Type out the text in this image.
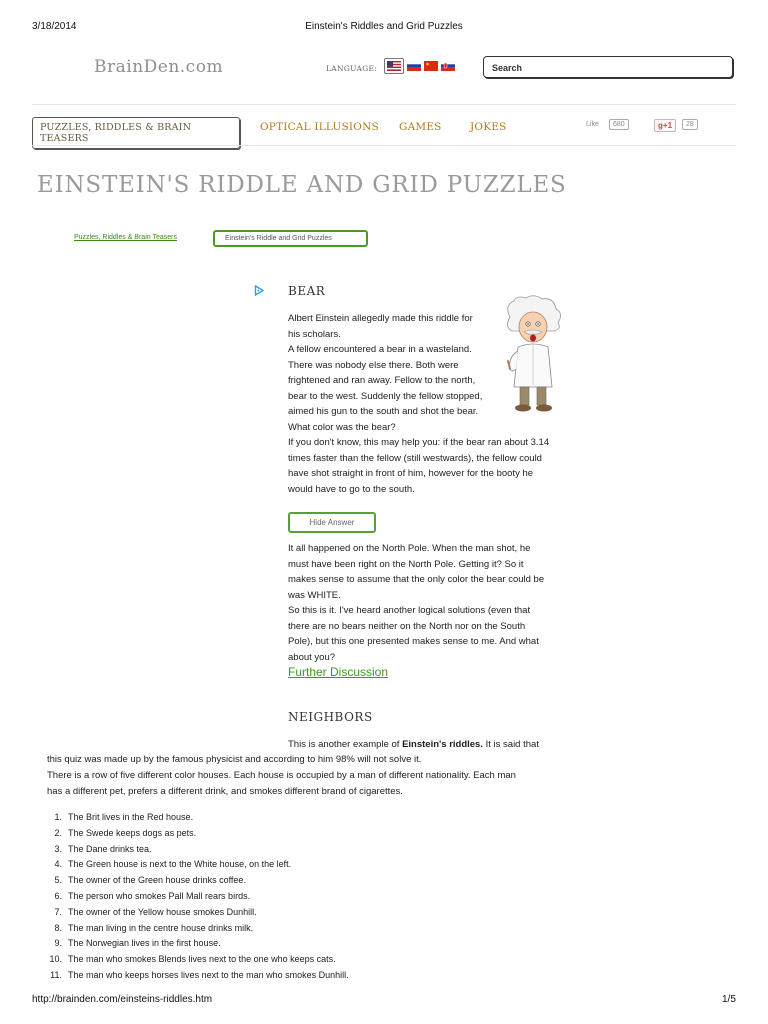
3/18/2014	Einstein's Riddles and Grid Puzzles
BrainDen.com	LANGUAGE:	Search
PUZZLES, RIDDLES & BRAIN TEASERS
OPTICAL ILLUSIONS GAMES	JOKES	Like	680	g+1	28
EINSTEIN'S RIDDLE AND GRID PUZZLES
Puzzles, Riddles & Brain Teasers	Einstein's Riddle and Grid Puzzles
BEAR
Albert Einstein allegedly made this riddle for
his scholars.
A fellow encountered a bear in a wasteland.
There was nobody else there. Both were
frightened and ran away. Fellow to the north,
bear to the west. Suddenly the fellow stopped,
aimed his gun to the south and shot the bear.
What color was the bear?
If you don't know, this may help you: if the bear ran about 3.14
times faster than the fellow (still westwards), the fellow could
have shot straight in front of him, however for the booty he
would have to go to the south.
Hide Answer
It all happened on the North Pole. When the man shot, he
must have been right on the North Pole. Getting it? So it
makes sense to assume that the only color the bear could be
was WHITE.
So this is it. I've heard another logical solutions (even that
there are no bears neither on the North nor on the South
Pole), but this one presented makes sense to me. And what
about you?
Further Discussion
NEIGHBORS
This is another example of Einstein's riddles. It is said that
this quiz was made up by the famous physicist and according to him 98% will not solve it.
There is a row of five different color houses. Each house is occupied by a man of different nationality. Each man
has a different pet, prefers a different drink, and smokes different brand of cigarettes.
1. The Brit lives in the Red house.
2. The Swede keeps dogs as pets.
3. The Dane drinks tea.
4. The Green house is next to the White house, on the left.
5. The owner of the Green house drinks coffee.
6. The person who smokes Pall Mall rears birds.
7. The owner of the Yellow house smokes Dunhill.
8. The man living in the centre house drinks milk.
9. The Norwegian lives in the first house.
10. The man who smokes Blends lives next to the one who keeps cats.
11. The man who keeps horses lives next to the man who smokes Dunhill.
http://brainden.com/einsteins-riddles.htm	1/5
